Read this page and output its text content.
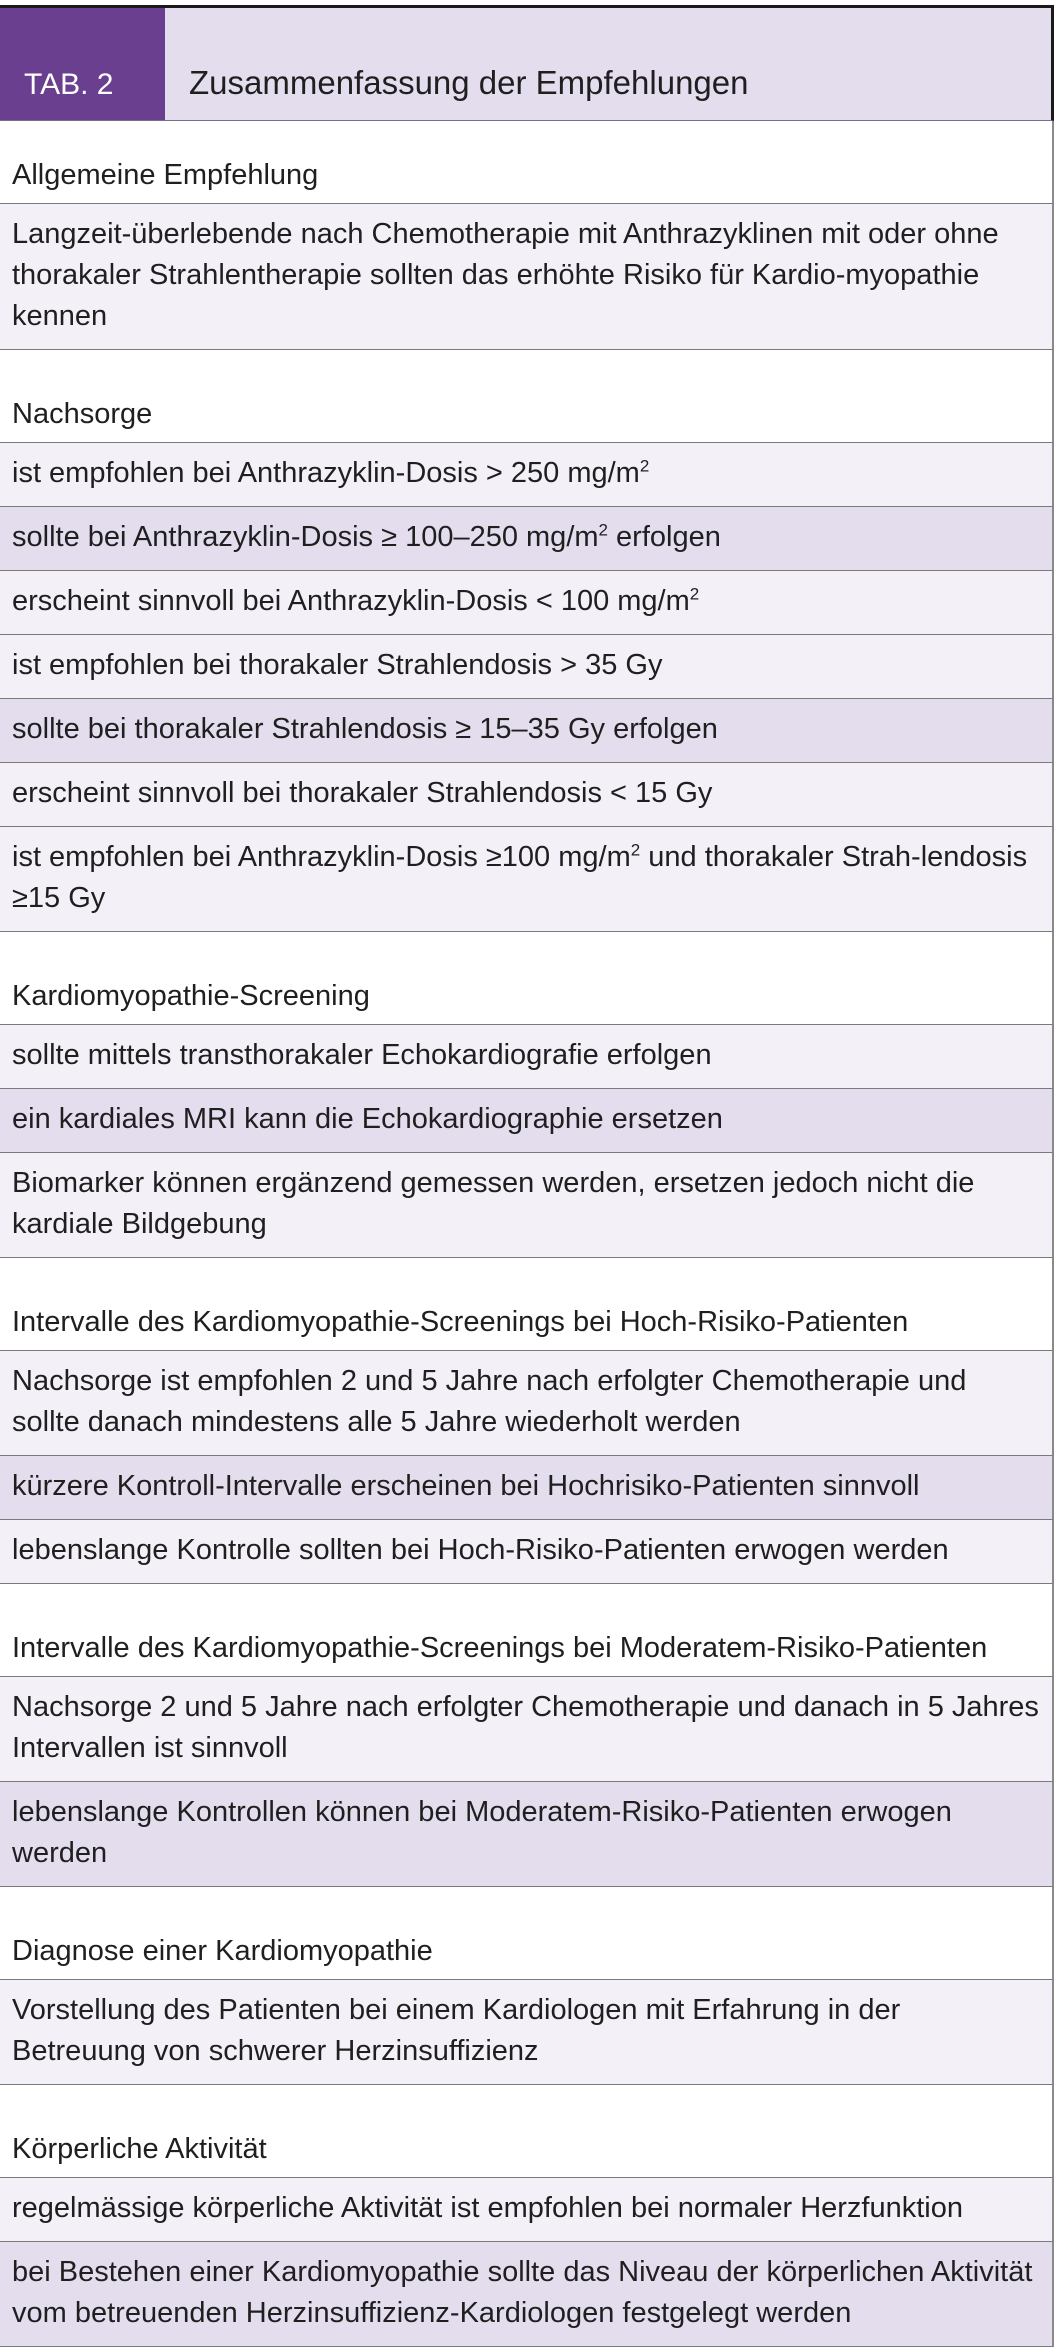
TAB. 2	Zusammenfassung der Empfehlungen
Allgemeine Empfehlung
Langzeit-überlebende nach Chemotherapie mit Anthrazyklinen mit oder ohne thorakaler Strahlentherapie sollten das erhöhte Risiko für Kardio-myopathie kennen
Nachsorge
ist empfohlen bei Anthrazyklin-Dosis > 250 $mg/m^2$
sollte bei Anthrazyklin-Dosis ≥ 100–250 $mg/m^2$ erfolgen
erscheint sinnvoll bei Anthrazyklin-Dosis < 100 $mg/m^2$
ist empfohlen bei thorakaler Strahlendosis > 35 Gy
sollte bei thorakaler Strahlendosis ≥ 15–35 Gy erfolgen
erscheint sinnvoll bei thorakaler Strahlendosis < 15 Gy
ist empfohlen bei Anthrazyklin-Dosis ≥100 $mg/m^2$ und thorakaler Strah-lendosis ≥15 Gy
Kardiomyopathie-Screening
sollte mittels transthorakaler Echokardiografie erfolgen
ein kardiales MRI kann die Echokardiographie ersetzen
Biomarker können ergänzend gemessen werden, ersetzen jedoch nicht die kardiale Bildgebung
Intervalle des Kardiomyopathie-Screenings bei Hoch-Risiko-Patienten
Nachsorge ist empfohlen 2 und 5 Jahre nach erfolgter Chemotherapie und sollte danach mindestens alle 5 Jahre wiederholt werden
kürzere Kontroll-Intervalle erscheinen bei Hochrisiko-Patienten sinnvoll
lebenslange Kontrolle sollten bei Hoch-Risiko-Patienten erwogen werden
Intervalle des Kardiomyopathie-Screenings bei Moderatem-Risiko-Patienten
Nachsorge 2 und 5 Jahre nach erfolgter Chemotherapie und danach in 5 Jahres Intervallen ist sinnvoll
lebenslange Kontrollen können bei Moderatem-Risiko-Patienten erwogen werden
Diagnose einer Kardiomyopathie
Vorstellung des Patienten bei einem Kardiologen mit Erfahrung in der Betreuung von schwerer Herzinsuffizienz
Körperliche Aktivität
regelmässige körperliche Aktivität ist empfohlen bei normaler Herzfunktion
bei Bestehen einer Kardiomyopathie sollte das Niveau der körperlichen Aktivität vom betreuenden Herzinsuffizienz-Kardiologen festgelegt werden
